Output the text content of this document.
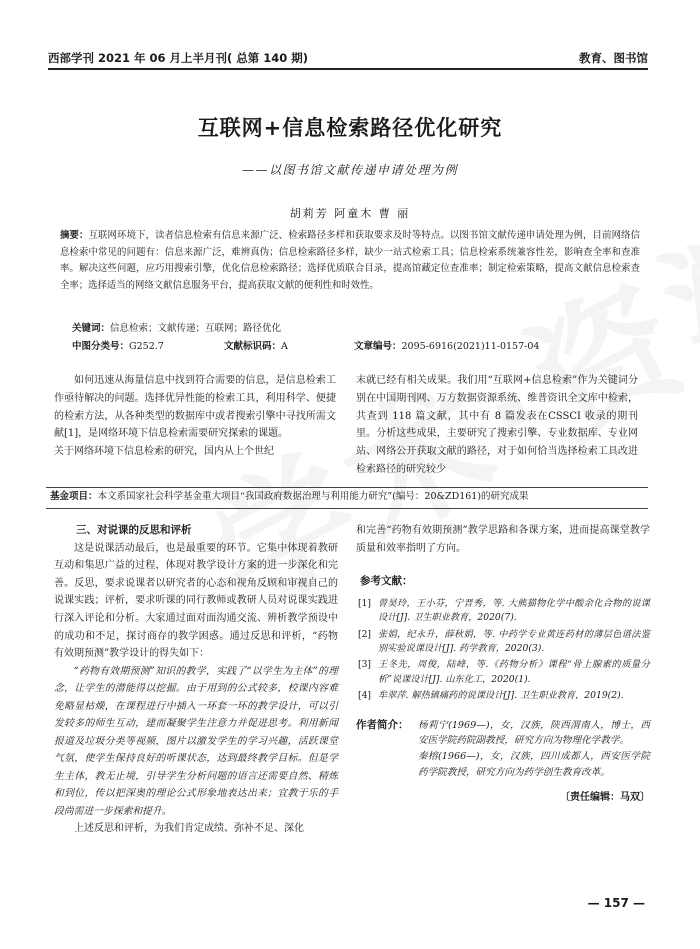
西部学刊 2021 年 06 月上半月刊( 总第 140 期)	教育、图书馆
互联网+信息检索路径优化研究
——以图书馆文献传递申请处理为例
胡莉芳 阿童木 曹 丽
摘要：互联网环境下，读者信息检索有信息来源广泛、检索路径多样和获取要求及时等特点。以图书馆文献传递申请处理为例，目前网络信息检索中常见的问题有：信息来源广泛，难辨真伪；信息检索路径多样，缺少一站式检索工具；信息检索系统兼容性差，影响查全率和查准率。解决这些问题，应巧用搜索引擎，优化信息检索路径；选择优质联合目录，提高馆藏定位查准率；制定检索策略，提高文献信息检索查全率；选择适当的网络文献信息服务平台，提高获取文献的便利性和时效性。
关键词：信息检索；文献传递；互联网；路径优化
中图分类号：G252.7	文献标识码：A	文章编号：2095-6916(2021)11-0157-04
如何迅速从海量信息中找到符合需要的信息，是信息检索工作亟待解决的问题。选择优异性能的检索工具，利用科学、便捷的检索方法，从各种类型的数据库中或者搜索引擎中寻找所需文献[1]，是网络环境下信息检索需要研究探索的课题。
关于网络环境下信息检索的研究，国内从上个世纪
末就已经有相关成果。我们用“互联网+信息检索”作为关键词分别在中国期刊网、万方数据资源系统、维普资讯全文库中检索，共查到 118 篇文献，其中有 8 篇发表在CSSCI 收录的期刊里。分析这些成果，主要研究了搜索引擎、专业数据库、专业网站、网络公开获取文献的路径，对于如何恰当选择检索工具改进检索路径的研究较少
基金项目：本文系国家社会科学基金重大项目“我国政府数据治理与利用能力研究”(编号：20&ZD161)的研究成果
三、对说课的反思和评析

这是说课活动最后，也是最重要的环节。它集中体现着教研互动和集思广益的过程，体现对教学设计方案的进一步深化和完善。反思，要求说课者以研究者的心态和视角反顾和审视自己的说课实践；评析，要求听课的同行教师或教研人员对说课实践进行深入评论和分析。大家通过面对面沟通交流、辨析教学预设中的成功和不足，探讨商存的教学困惑。通过反思和评析，“药物有效期预测”教学设计的得失如下：

“药物有效期预测”知识的教学，实践了“以学生为主体”的理念，让学生的潜能得以挖掘。由于用到的公式较多，校课内容难免略显枯燥，在课程进行中插入一环套一环的教学设计，可以引发较多的师生互动，建而凝聚学生注意力并促进思考。利用新闻报道及垃圾分类等视频，图片以激发学生的学习兴趣，活跃课堂气氛，使学生保持良好的听课状态，达到最终教学目标。但是学生主体，教无止境，引导学生分析问题的语言还需要自然、精炼和到位，传以把深奥的理论公式形象地表达出来；宜教于乐的手段尚需进一步探索和提升。

上述反思和评析，为我们肯定成绩、弥补不足、深化

和完善“药物有效期预测”教学思路和各课方案，进而提高课堂教学质量和效率指明了方向。

参考文献：
[1] 曾昊玲，王小芬，宁晋秀，等. 大熊猫物化学中酸余化合物的说课设计[J]. 卫生职业教育，2020(7).
[2] 张娟，纪永升，薛秋娟，等. 中药学专业黄连药材的薄层色谱法鉴别实验说课设计[J]. 药学教育，2020(3).
[3] 王冬先，周俊，陆峰，等.《药物分析》课程“骨上腺素的质量分析”说课设计[J]. 山东化工，2020(1).
[4] 牟翠萍. 解热镇痛药的说课设计[J]. 卫生职业教育，2019(2).
作者简介： 杨莉宁(1969—)，女，汉族，陕西渭南人，博士，西安医学院药院副教授，研究方向为物理化学教学。

秦榕(1966—)，女，汉族，四川成都人，西安医学院药学院教授，研究方向为药学创生教育改革。

〔责任编辑：马双〕
— 157 —
